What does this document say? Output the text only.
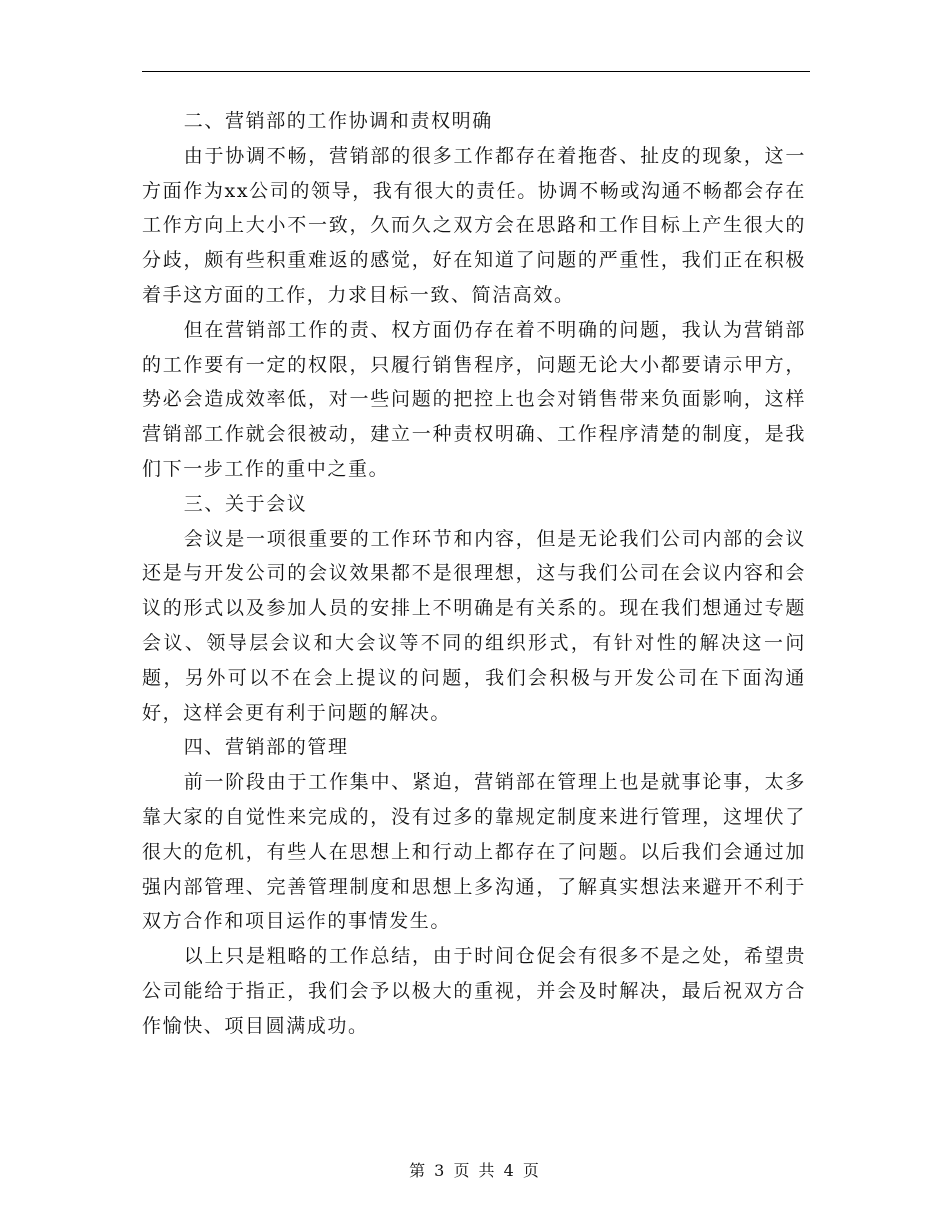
二、营销部的工作协调和责权明确

由于协调不畅，营销部的很多工作都存在着拖沓、扯皮的现象，这一方面作为xx公司的领导，我有很大的责任。协调不畅或沟通不畅都会存在工作方向上大小不一致，久而久之双方会在思路和工作目标上产生很大的分歧，颇有些积重难返的感觉，好在知道了问题的严重性，我们正在积极着手这方面的工作，力求目标一致、简洁高效。

但在营销部工作的责、权方面仍存在着不明确的问题，我认为营销部的工作要有一定的权限，只履行销售程序，问题无论大小都要请示甲方，势必会造成效率低，对一些问题的把控上也会对销售带来负面影响，这样营销部工作就会很被动，建立一种责权明确、工作程序清楚的制度，是我们下一步工作的重中之重。

三、关于会议

会议是一项很重要的工作环节和内容，但是无论我们公司内部的会议还是与开发公司的会议效果都不是很理想，这与我们公司在会议内容和会议的形式以及参加人员的安排上不明确是有关系的。现在我们想通过专题会议、领导层会议和大会议等不同的组织形式，有针对性的解决这一问题，另外可以不在会上提议的问题，我们会积极与开发公司在下面沟通好，这样会更有利于问题的解决。

四、营销部的管理

前一阶段由于工作集中、紧迫，营销部在管理上也是就事论事，太多靠大家的自觉性来完成的，没有过多的靠规定制度来进行管理，这埋伏了很大的危机，有些人在思想上和行动上都存在了问题。以后我们会通过加强内部管理、完善管理制度和思想上多沟通，了解真实想法来避开不利于双方合作和项目运作的事情发生。

以上只是粗略的工作总结，由于时间仓促会有很多不是之处，希望贵公司能给于指正，我们会予以极大的重视，并会及时解决，最后祝双方合作愉快、项目圆满成功。

第 3 页 共 4 页
